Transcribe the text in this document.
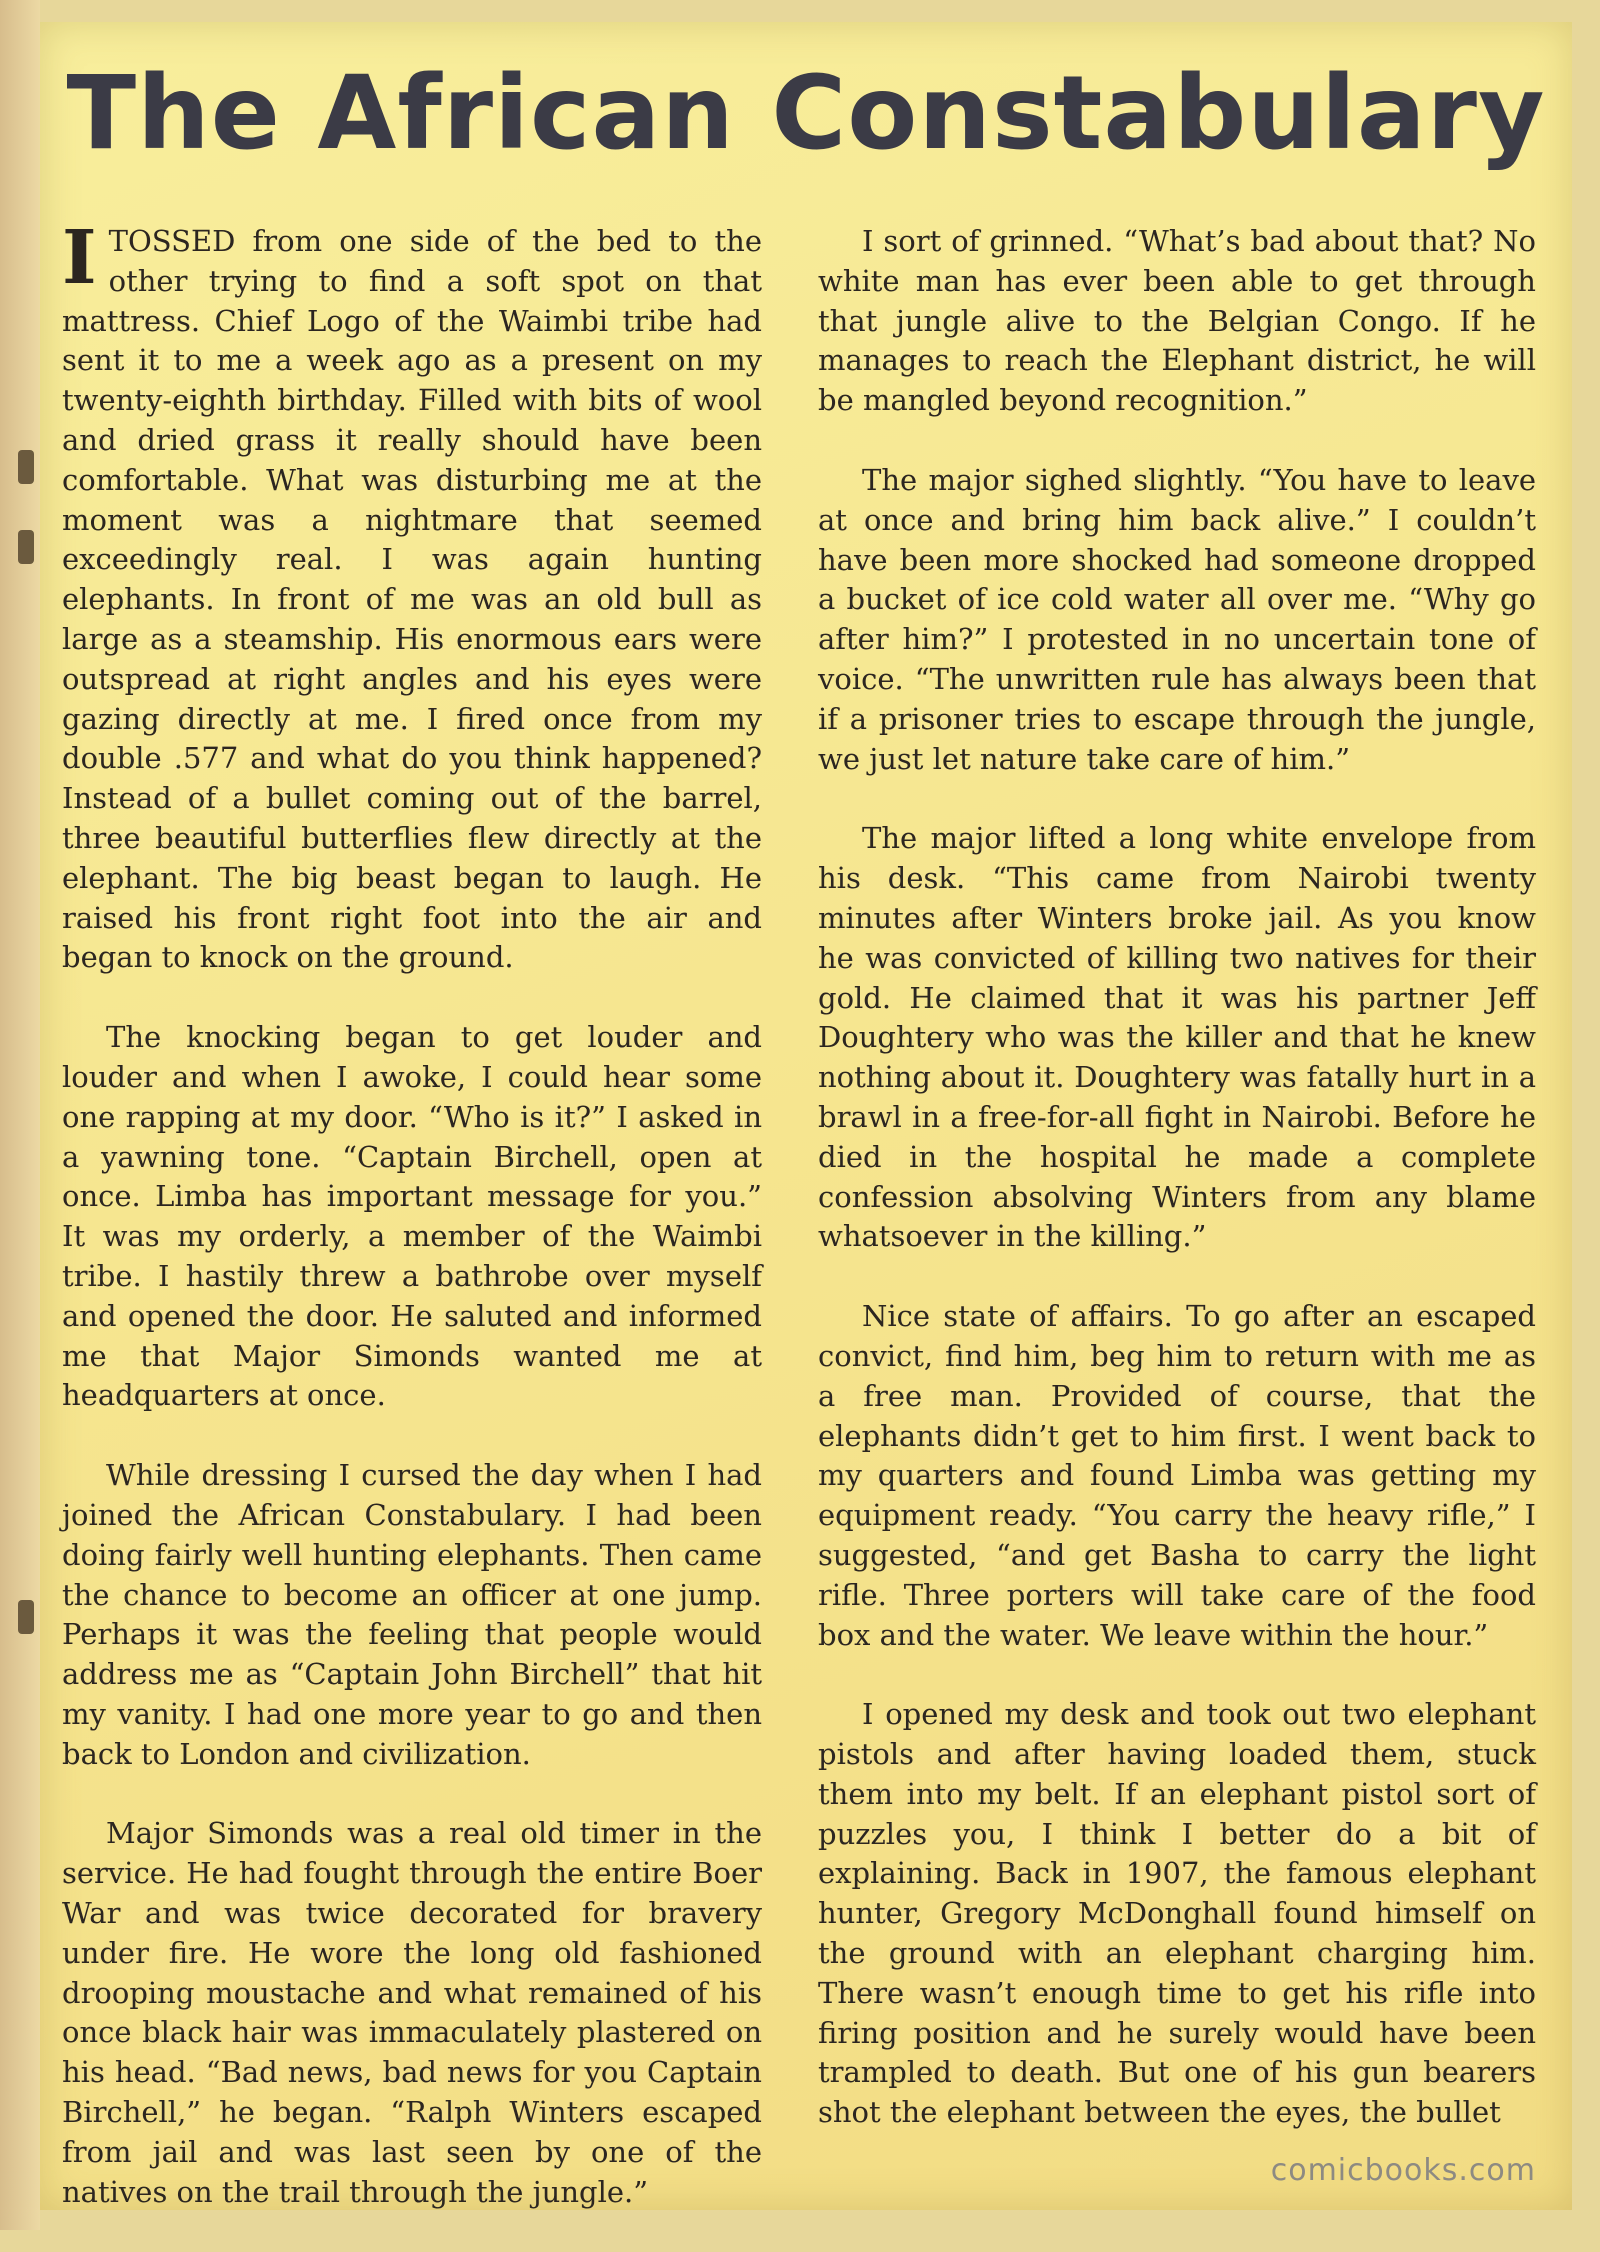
The African Constabulary

ITOSSED from one side of the bed to the other trying to find a soft spot on that mattress. Chief Logo of the Waimbi tribe had sent it to me a week ago as a present on my twenty-eighth birthday. Filled with bits of wool and dried grass it really should have been comfortable. What was disturbing me at the moment was a nightmare that seemed exceedingly real. I was again hunting elephants. In front of me was an old bull as large as a steamship. His enormous ears were outspread at right angles and his eyes were gazing directly at me. I fired once from my double .577 and what do you think happened? Instead of a bullet coming out of the barrel, three beautiful butterflies flew directly at the elephant. The big beast began to laugh. He raised his front right foot into the air and began to knock on the ground.

The knocking began to get louder and louder and when I awoke, I could hear some one rapping at my door. “Who is it?” I asked in a yawning tone. “Captain Birchell, open at once. Limba has important message for you.” It was my orderly, a member of the Waimbi tribe. I hastily threw a bathrobe over myself and opened the door. He saluted and informed me that Major Simonds wanted me at headquarters at once.

While dressing I cursed the day when I had joined the African Constabulary. I had been doing fairly well hunting elephants. Then came the chance to become an officer at one jump. Perhaps it was the feeling that people would address me as “Captain John Birchell” that hit my vanity. I had one more year to go and then back to London and civilization.

Major Simonds was a real old timer in the service. He had fought through the entire Boer War and was twice decorated for bravery under fire. He wore the long old fashioned drooping moustache and what remained of his once black hair was immaculately plastered on his head. “Bad news, bad news for you Captain Birchell,” he began. “Ralph Winters escaped from jail and was last seen by one of the natives on the trail through the jungle.”

I sort of grinned. “What’s bad about that? No white man has ever been able to get through that jungle alive to the Belgian Congo. If he manages to reach the Elephant district, he will be mangled beyond recognition.”

The major sighed slightly. “You have to leave at once and bring him back alive.” I couldn’t have been more shocked had someone dropped a bucket of ice cold water all over me. “Why go after him?” I protested in no uncertain tone of voice. “The unwritten rule has always been that if a prisoner tries to escape through the jungle, we just let nature take care of him.”

The major lifted a long white envelope from his desk. “This came from Nairobi twenty minutes after Winters broke jail. As you know he was convicted of killing two natives for their gold. He claimed that it was his partner Jeff Doughtery who was the killer and that he knew nothing about it. Doughtery was fatally hurt in a brawl in a free-for-all fight in Nairobi. Before he died in the hospital he made a complete confession absolving Winters from any blame whatsoever in the killing.”

Nice state of affairs. To go after an escaped convict, find him, beg him to return with me as a free man. Provided of course, that the elephants didn’t get to him first. I went back to my quarters and found Limba was getting my equipment ready. “You carry the heavy rifle,” I suggested, “and get Basha to carry the light rifle. Three porters will take care of the food box and the water. We leave within the hour.”

I opened my desk and took out two elephant pistols and after having loaded them, stuck them into my belt. If an elephant pistol sort of puzzles you, I think I better do a bit of explaining. Back in 1907, the famous elephant hunter, Gregory McDonghall found himself on the ground with an elephant charging him. There wasn’t enough time to get his rifle into firing position and he surely would have been trampled to death. But one of his gun bearers shot the elephant between the eyes, the bullet

comicbooks.com
